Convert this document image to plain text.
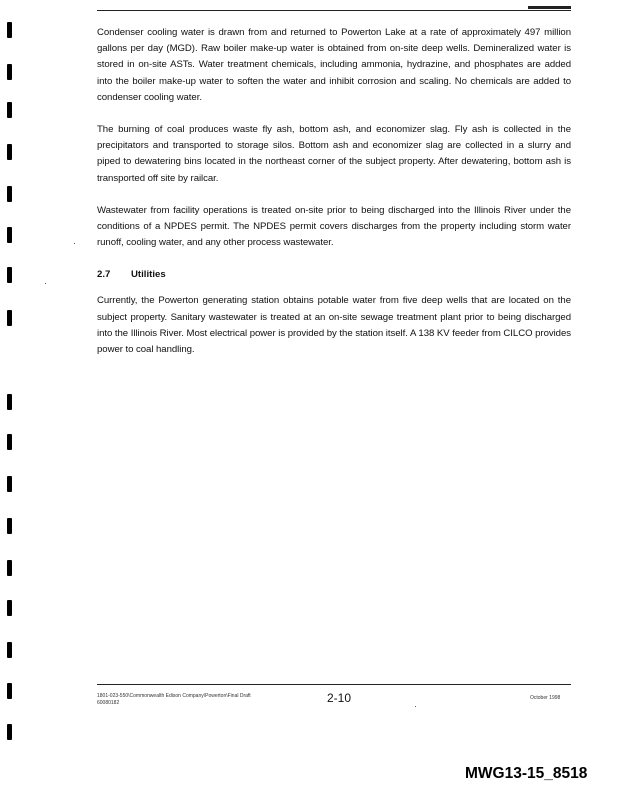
Condenser cooling water is drawn from and returned to Powerton Lake at a rate of approximately 497 million gallons per day (MGD). Raw boiler make-up water is obtained from on-site deep wells. Demineralized water is stored in on-site ASTs. Water treatment chemicals, including ammonia, hydrazine, and phosphates are added into the boiler make-up water to soften the water and inhibit corrosion and scaling. No chemicals are added to condenser cooling water.

The burning of coal produces waste fly ash, bottom ash, and economizer slag. Fly ash is collected in the precipitators and transported to storage silos. Bottom ash and economizer slag are collected in a slurry and piped to dewatering bins located in the northeast corner of the subject property. After dewatering, bottom ash is transported off site by railcar.

Wastewater from facility operations is treated on-site prior to being discharged into the Illinois River under the conditions of a NPDES permit. The NPDES permit covers discharges from the property including storm water runoff, cooling water, and any other process wastewater.

2.7 Utilities

Currently, the Powerton generating station obtains potable water from five deep wells that are located on the subject property. Sanitary wastewater is treated at an on-site sewage treatment plant prior to being discharged into the Illinois River. Most electrical power is provided by the station itself. A 138 KV feeder from CILCO provides power to coal handling.

1801-023-550\Commonwealth Edison Company\Powerton\Final Draft
60080182	2-10	October 1998
MWG13-15_8518
